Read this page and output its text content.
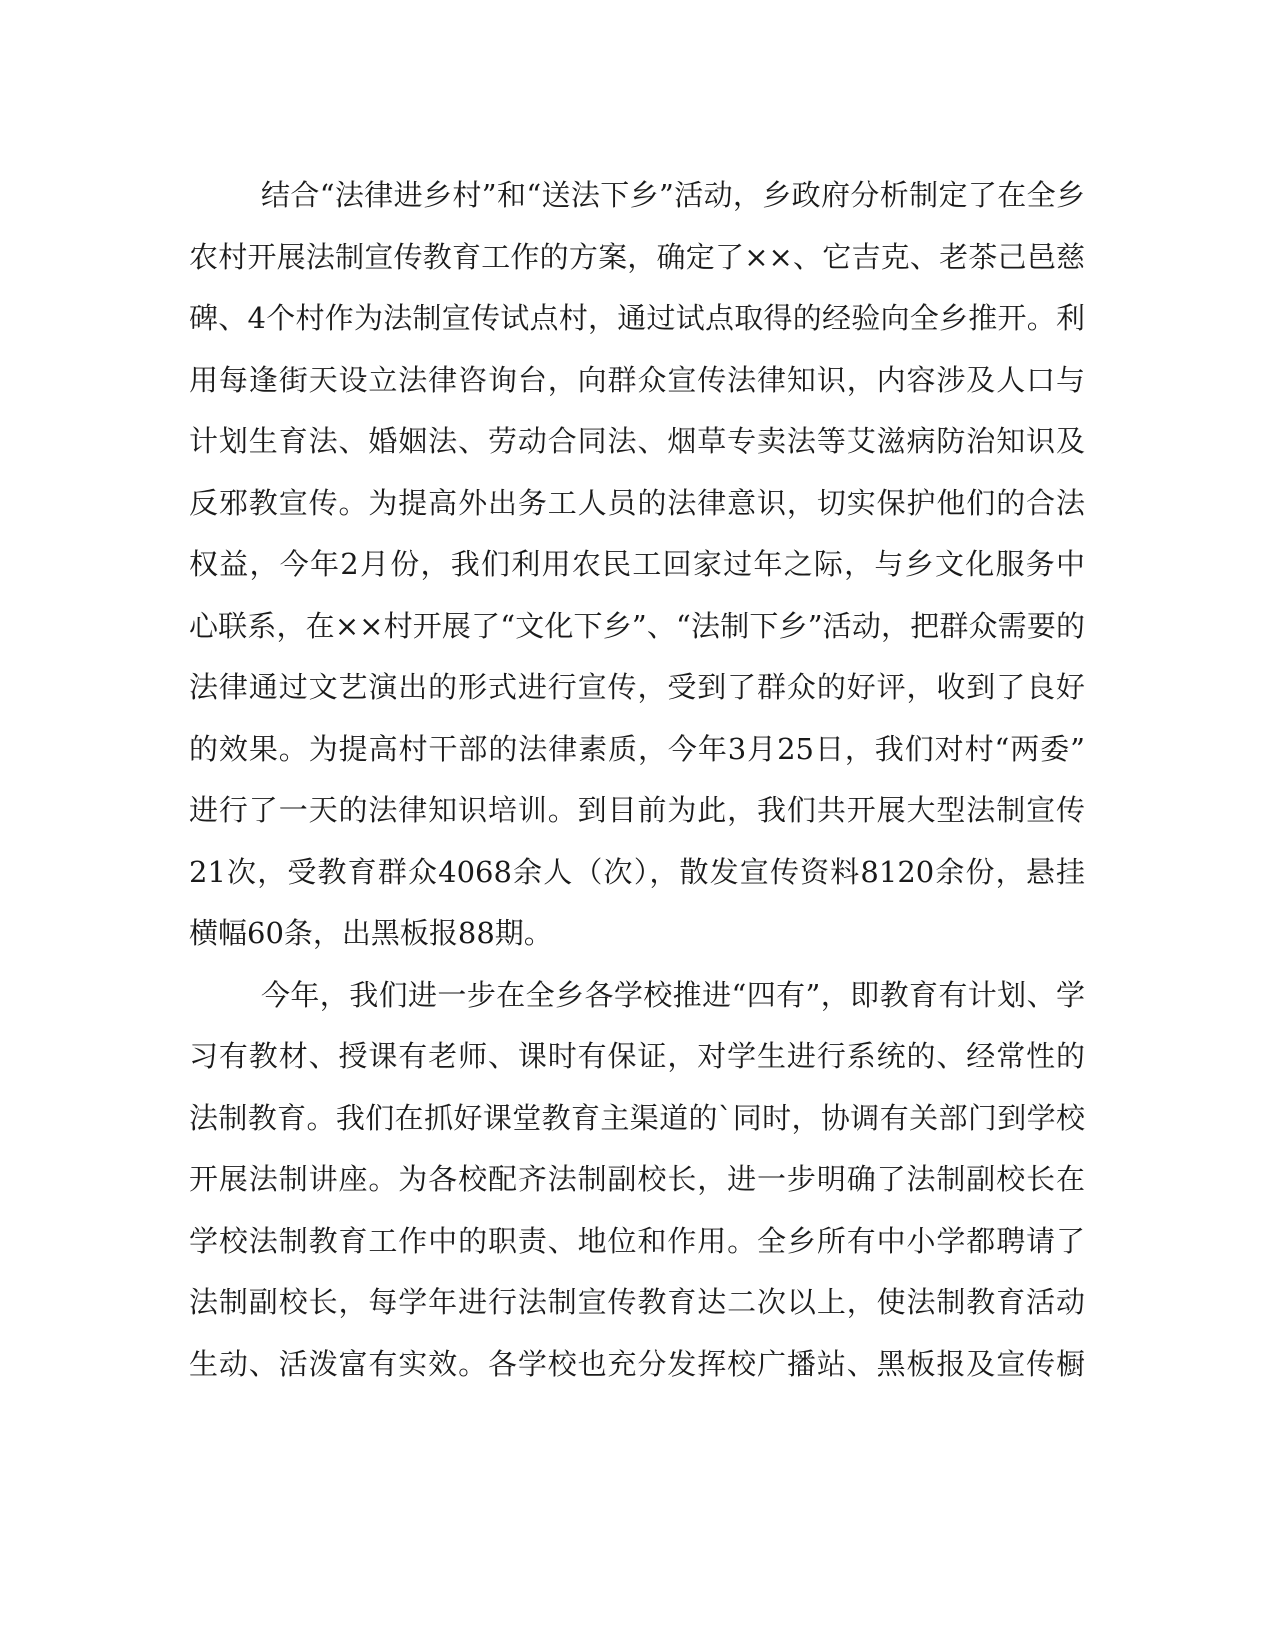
结合“法律进乡村”和“送法下乡”活动，乡政府分析制定了在全乡
农村开展法制宣传教育工作的方案，确定了××、它吉克、老茶己邑慈
碑、4个村作为法制宣传试点村，通过试点取得的经验向全乡推开。利
用每逢街天设立法律咨询台，向群众宣传法律知识，内容涉及人口与
计划生育法、婚姻法、劳动合同法、烟草专卖法等艾滋病防治知识及
反邪教宣传。为提高外出务工人员的法律意识，切实保护他们的合法
权益，今年2月份，我们利用农民工回家过年之际，与乡文化服务中
心联系，在××村开展了“文化下乡”、“法制下乡”活动，把群众需要的
法律通过文艺演出的形式进行宣传，受到了群众的好评，收到了良好
的效果。为提高村干部的法律素质，今年3月25日，我们对村“两委”
进行了一天的法律知识培训。到目前为此，我们共开展大型法制宣传
21次，受教育群众4068余人（次），散发宣传资料8120余份，悬挂
横幅60条，出黑板报88期。
今年，我们进一步在全乡各学校推进“四有”，即教育有计划、学
习有教材、授课有老师、课时有保证，对学生进行系统的、经常性的
法制教育。我们在抓好课堂教育主渠道的`同时，协调有关部门到学校
开展法制讲座。为各校配齐法制副校长，进一步明确了法制副校长在
学校法制教育工作中的职责、地位和作用。全乡所有中小学都聘请了
法制副校长，每学年进行法制宣传教育达二次以上，使法制教育活动
生动、活泼富有实效。各学校也充分发挥校广播站、黑板报及宣传橱
